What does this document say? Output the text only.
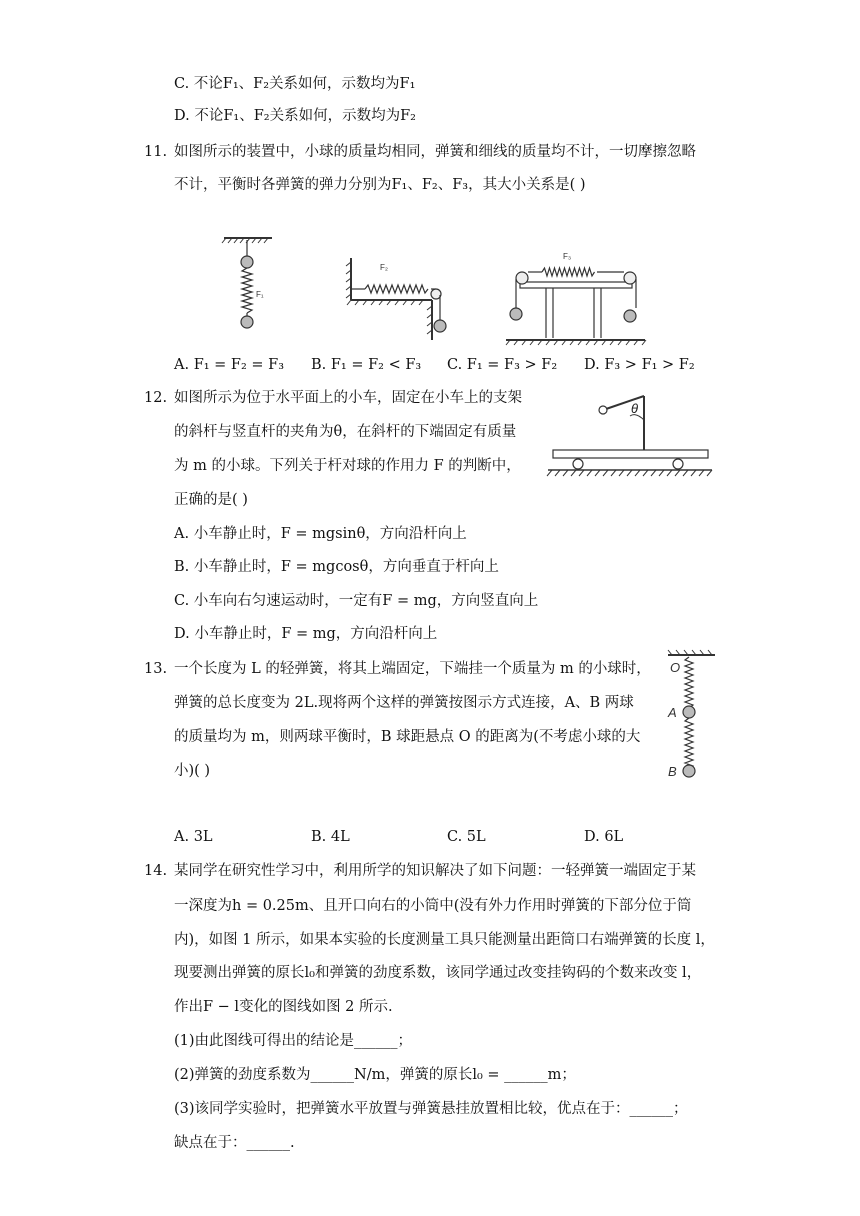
C. 不论F₁、F₂关系如何，示数均为F₁
D. 不论F₁、F₂关系如何，示数均为F₂
11. 如图所示的装置中，小球的质量均相同，弹簧和细线的质量均不计，一切摩擦忽略
不计，平衡时各弹簧的弹力分别为F₁、F₂、F₃，其大小关系是( )
F₁
F₂
F₃
A. F₁ = F₂ = F₃ B. F₁ = F₂ < F₃ C. F₁ = F₃ > F₂ D. F₃ > F₁ > F₂
12. 如图所示为位于水平面上的小车，固定在小车上的支架
的斜杆与竖直杆的夹角为θ，在斜杆的下端固定有质量
为 m 的小球。下列关于杆对球的作用力 F 的判断中，
正确的是( )
θ
A. 小车静止时，F = mgsinθ，方向沿杆向上
B. 小车静止时，F = mgcosθ，方向垂直于杆向上
C. 小车向右匀速运动时，一定有F = mg，方向竖直向上
D. 小车静止时，F = mg，方向沿杆向上
13. 一个长度为 L 的轻弹簧，将其上端固定，下端挂一个质量为 m 的小球时，
弹簧的总长度变为 2L.现将两个这样的弹簧按图示方式连接，A、B 两球
的质量均为 m，则两球平衡时，B 球距悬点 O 的距离为(不考虑小球的大
小)( )
O
A
B
A. 3L	B. 4L	C. 5L	D. 6L
14. 某同学在研究性学习中，利用所学的知识解决了如下问题：一轻弹簧一端固定于某
一深度为h = 0.25m、且开口向右的小筒中(没有外力作用时弹簧的下部分位于筒
内)，如图 1 所示，如果本实验的长度测量工具只能测量出距筒口右端弹簧的长度 l，
现要测出弹簧的原长l₀和弹簧的劲度系数，该同学通过改变挂钩码的个数来改变 l，
作出F − l变化的图线如图 2 所示.
(1)由此图线可得出的结论是______；
(2)弹簧的劲度系数为______N/m，弹簧的原长l₀ = ______m；
(3)该同学实验时，把弹簧水平放置与弹簧悬挂放置相比较，优点在于：______；
缺点在于：______.
